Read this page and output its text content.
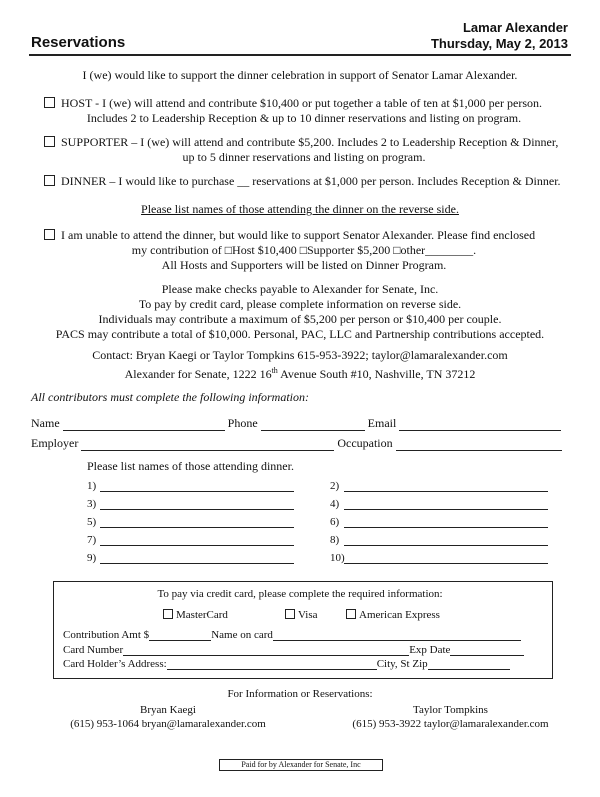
Reservations
Lamar Alexander
Thursday, May 2, 2013
I (we) would like to support the dinner celebration in support of Senator Lamar Alexander.
HOST - I (we) will attend and contribute $10,400 or put together a table of ten at $1,000 per person.
Includes 2 to Leadership Reception & up to 10 dinner reservations and listing on program.
SUPPORTER – I (we) will attend and contribute $5,200. Includes 2 to Leadership Reception & Dinner,
up to 5 dinner reservations and listing on program.
DINNER – I would like to purchase __ reservations at $1,000 per person. Includes Reception & Dinner.
Please list names of those attending the dinner on the reverse side.
I am unable to attend the dinner, but would like to support Senator Alexander. Please find enclosed
my contribution of □Host $10,400 □Supporter $5,200 □other________.
All Hosts and Supporters will be listed on Dinner Program.
Please make checks payable to Alexander for Senate, Inc.
To pay by credit card, please complete information on reverse side.
Individuals may contribute a maximum of $5,200 per person or $10,400 per couple.
PACS may contribute a total of $10,000. Personal, PAC, LLC and Partnership contributions accepted.
Contact: Bryan Kaegi or Taylor Tompkins 615-953-3922; taylor@lamaralexander.com
Alexander for Senate, 1222 16th Avenue South #10, Nashville, TN 37212
All contributors must complete the following information:
Name	Phone	Email
Employer	Occupation
Please list names of those attending dinner.
1)	2)
3)	4)
5)	6)
7)	8)
9)	10)
To pay via credit card, please complete the required information:
MasterCard	Visa	American Express
Contribution Amt $	Name on card
Card Number	Exp Date
Card Holder’s Address:	City, St Zip
For Information or Reservations:
Bryan Kaegi
(615) 953-1064 bryan@lamaralexander.com
Taylor Tompkins
(615) 953-3922 taylor@lamaralexander.com
Paid for by Alexander for Senate, Inc
